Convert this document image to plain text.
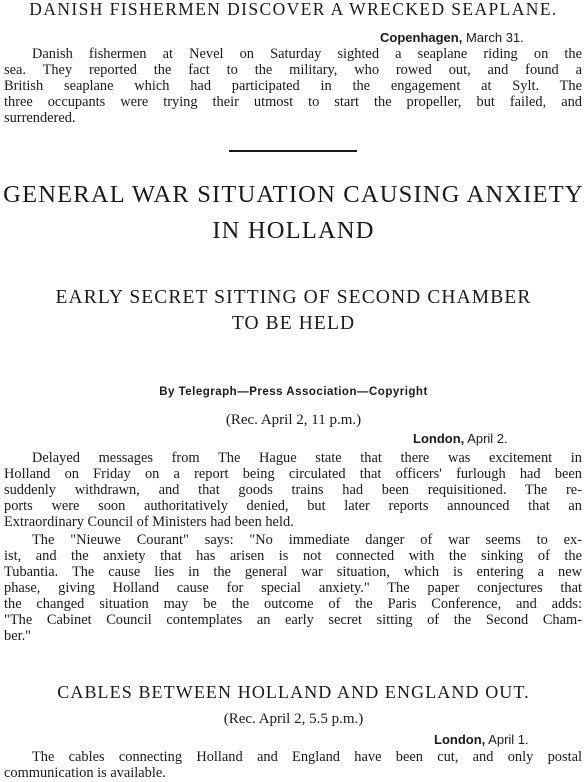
DANISH FISHERMEN DISCOVER A WRECKED SEAPLANE.
Copenhagen, March 31.
Danish fishermen at Nevel on Saturday sighted a seaplane riding on the
sea. They reported the fact to the military, who rowed out, and found a
British seaplane which had participated in the engagement at Sylt. The
three occupants were trying their utmost to start the propeller, but failed, and
surrendered.
GENERAL WAR SITUATION CAUSING ANXIETY
IN HOLLAND
EARLY SECRET SITTING OF SECOND CHAMBER
TO BE HELD
By Telegraph—Press Association—Copyright
(Rec. April 2, 11 p.m.)
London, April 2.
Delayed messages from The Hague state that there was excitement in
Holland on Friday on a report being circulated that officers' furlough had been
suddenly withdrawn, and that goods trains had been requisitioned. The re-
ports were soon authoritatively denied, but later reports announced that an
Extraordinary Council of Ministers had been held.
The "Nieuwe Courant" says: "No immediate danger of war seems to ex-
ist, and the anxiety that has arisen is not connected with the sinking of the
Tubantia. The cause lies in the general war situation, which is entering a new
phase, giving Holland cause for special anxiety." The paper conjectures that
the changed situation may be the outcome of the Paris Conference, and adds:
"The Cabinet Council contemplates an early secret sitting of the Second Cham-
ber."
CABLES BETWEEN HOLLAND AND ENGLAND OUT.
(Rec. April 2, 5.5 p.m.)
London, April 1.
The cables connecting Holland and England have been cut, and only postal
communication is available.
